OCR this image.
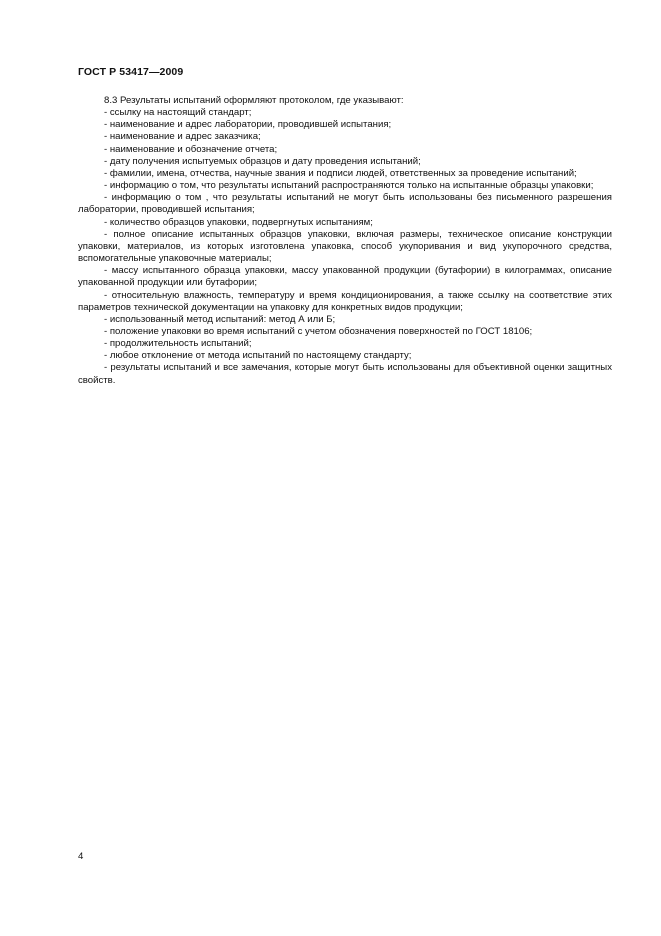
ГОСТ Р 53417—2009

8.3 Результаты испытаний оформляют протоколом, где указывают:

- ссылку на настоящий стандарт;

- наименование и адрес лаборатории, проводившей испытания;

- наименование и адрес заказчика;

- наименование и обозначение отчета;

- дату получения испытуемых образцов и дату проведения испытаний;

- фамилии, имена, отчества, научные звания и подписи людей, ответственных за проведение испытаний;

- информацию о том, что результаты испытаний распространяются только на испытанные образцы упаковки;

- информацию о том , что результаты испытаний не могут быть использованы без письменного разрешения лаборатории, проводившей испытания;

- количество образцов упаковки, подвергнутых испытаниям;

- полное описание испытанных образцов упаковки, включая размеры, техническое описание конструкции упаковки, материалов, из которых изготовлена упаковка, способ укупоривания и вид укупорочного средства, вспомогательные упаковочные материалы;

- массу испытанного образца упаковки, массу упакованной продукции (бутафории) в килограммах, описание упакованной продукции или бутафории;

- относительную влажность, температуру и время кондиционирования, а также ссылку на соответствие этих параметров технической документации на упаковку для конкретных видов продукции;

- использованный метод испытаний: метод А или Б;

- положение упаковки во время испытаний с учетом обозначения поверхностей по ГОСТ 18106;

- продолжительность испытаний;

- любое отклонение от метода испытаний по настоящему стандарту;

- результаты испытаний и все замечания, которые могут быть использованы для объективной оценки защитных свойств.

4
